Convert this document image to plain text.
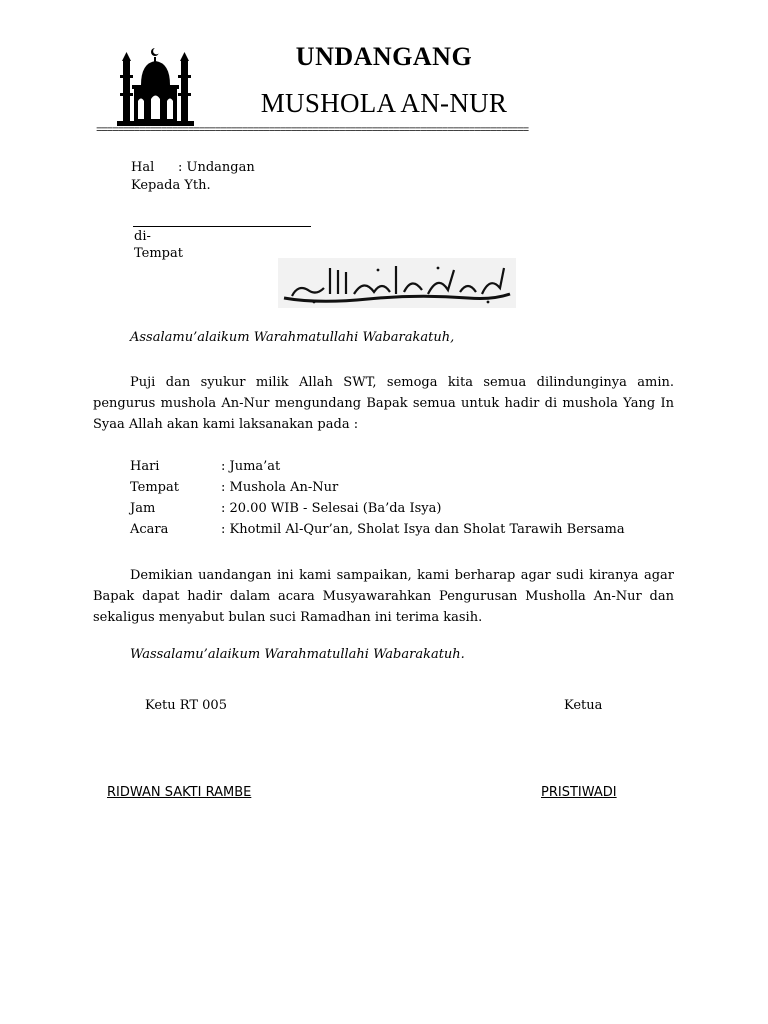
UNDANGANG
MUSHOLA AN-NUR
================================================================================
Hal : Undangan
Kepada Yth.
di-
Tempat
Assalamu’alaikum Warahmatullahi Wabarakatuh,
Puji dan syukur milik Allah SWT, semoga kita semua dilindunginya amin. pengurus mushola An-Nur mengundang Bapak semua untuk hadir di mushola Yang In Syaa Allah akan kami laksanakan pada :
Hari	: Juma’at
Tempat	: Mushola An-Nur
Jam	: 20.00 WIB - Selesai (Ba’da Isya)
Acara	: Khotmil Al-Qur’an, Sholat Isya dan Sholat Tarawih Bersama
Demikian uandangan ini kami sampaikan, kami berharap agar sudi kiranya agar Bapak dapat hadir dalam acara Musyawarahkan Pengurusan Musholla An-Nur dan sekaligus menyabut bulan suci Ramadhan ini terima kasih.
Wassalamu’alaikum Warahmatullahi Wabarakatuh.
Ketu RT 005	Ketua
RIDWAN SAKTI RAMBE	PRISTIWADI
